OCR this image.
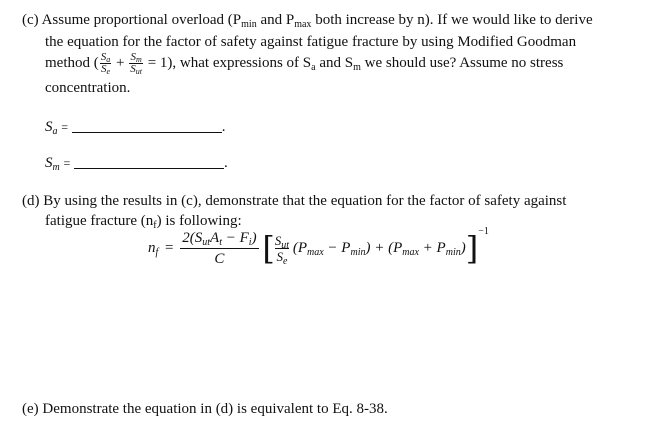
(c) Assume proportional overload ($P_{min}$ and $P_{max}$ both increase by n). If we would like to derive
the equation for the factor of safety against fatigue fracture by using Modified Goodman
method ( $\frac{S_a}{S_e} + \frac{S_m}{S_{ut}} = 1$), what expressions of $S_a$ and $S_m$ we should use? Assume no stress
concentration.
$S_a$ =	.
$S_m$ =	.
(d) By using the results in (c), demonstrate that the equation for the factor of safety against
fatigue fracture $(n_f)$ is following:
$n_f = \frac{2(S_{ut}A_t - F_i)}{C}$ [ $\frac{S_{ut}}{S_e} (P_{max} - P_{min}) + (P_{max} + P_{min})]^{-1}$
(e) Demonstrate the equation in (d) is equivalent to Eq. 8-38.
